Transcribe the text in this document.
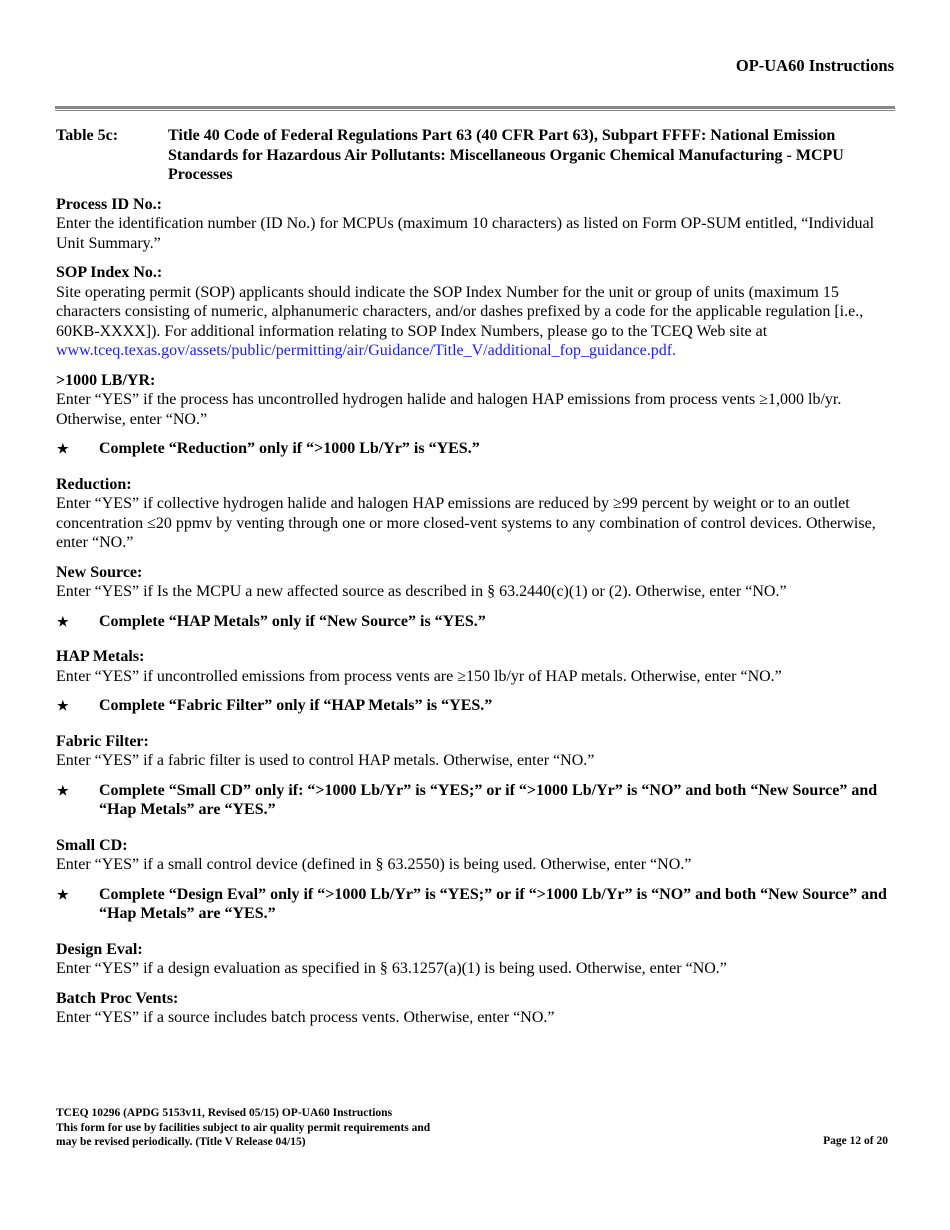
OP-UA60 Instructions
Table 5c:	Title 40 Code of Federal Regulations Part 63 (40 CFR Part 63), Subpart FFFF: National Emission Standards for Hazardous Air Pollutants: Miscellaneous Organic Chemical Manufacturing - MCPU Processes
Process ID No.:
Enter the identification number (ID No.) for MCPUs (maximum 10 characters) as listed on Form OP-SUM entitled, “Individual Unit Summary.”
SOP Index No.:
Site operating permit (SOP) applicants should indicate the SOP Index Number for the unit or group of units (maximum 15 characters consisting of numeric, alphanumeric characters, and/or dashes prefixed by a code for the applicable regulation [i.e., 60KB-XXXX]). For additional information relating to SOP Index Numbers, please go to the TCEQ Web site at www.tceq.texas.gov/assets/public/permitting/air/Guidance/Title_V/additional_fop_guidance.pdf.
>1000 LB/YR:
Enter “YES” if the process has uncontrolled hydrogen halide and halogen HAP emissions from process vents ≥1,000 lb/yr. Otherwise, enter “NO.”
★	Complete “Reduction” only if “>1000 Lb/Yr” is “YES.”
Reduction:
Enter “YES” if collective hydrogen halide and halogen HAP emissions are reduced by ≥99 percent by weight or to an outlet concentration ≤20 ppmv by venting through one or more closed-vent systems to any combination of control devices. Otherwise, enter “NO.”
New Source:
Enter “YES” if Is the MCPU a new affected source as described in § 63.2440(c)(1) or (2). Otherwise, enter “NO.”
★	Complete “HAP Metals” only if “New Source” is “YES.”
HAP Metals:
Enter “YES” if uncontrolled emissions from process vents are ≥150 lb/yr of HAP metals. Otherwise, enter “NO.”
★	Complete “Fabric Filter” only if “HAP Metals” is “YES.”
Fabric Filter:
Enter “YES” if a fabric filter is used to control HAP metals. Otherwise, enter “NO.”
★	Complete “Small CD” only if: “>1000 Lb/Yr” is “YES;” or if “>1000 Lb/Yr” is “NO” and both “New Source” and “Hap Metals” are “YES.”
Small CD:
Enter “YES” if a small control device (defined in § 63.2550) is being used. Otherwise, enter “NO.”
★	Complete “Design Eval” only if “>1000 Lb/Yr” is “YES;” or if “>1000 Lb/Yr” is “NO” and both “New Source” and “Hap Metals” are “YES.”
Design Eval:
Enter “YES” if a design evaluation as specified in § 63.1257(a)(1) is being used. Otherwise, enter “NO.”
Batch Proc Vents:
Enter “YES” if a source includes batch process vents. Otherwise, enter “NO.”
TCEQ 10296 (APDG 5153v11, Revised 05/15) OP-UA60 Instructions
This form for use by facilities subject to air quality permit requirements and
may be revised periodically. (Title V Release 04/15)	Page 12 of 20
